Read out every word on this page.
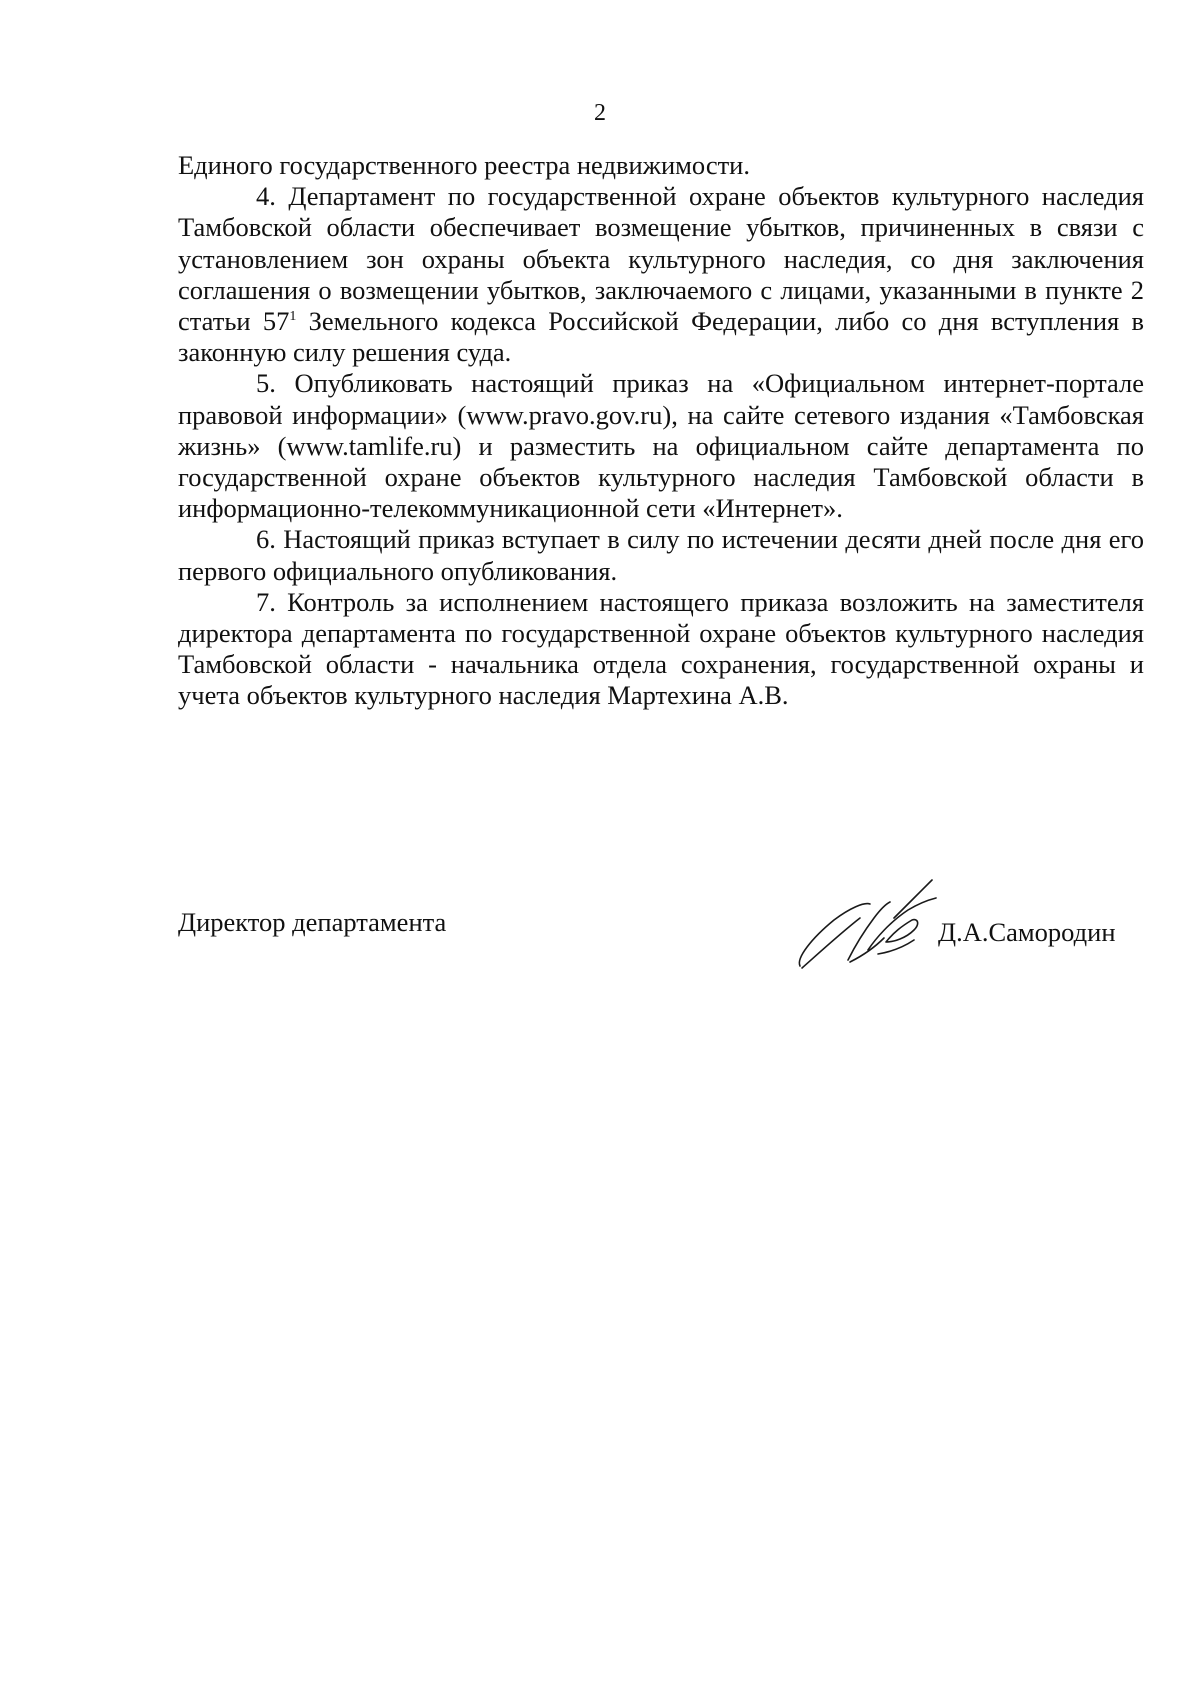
2

Единого государственного реестра недвижимости.

4. Департамент по государственной охране объектов культурного наследия Тамбовской области обеспечивает возмещение убытков, причиненных в связи с установлением зон охраны объекта культурного наследия, со дня заключения соглашения о возмещении убытков, заключаемого с лицами, указанными в пункте 2 статьи $57^1$ Земельного кодекса Российской Федерации, либо со дня вступления в законную силу решения суда.

5. Опубликовать настоящий приказ на «Официальном интернет-портале правовой информации» (www.pravo.gov.ru), на сайте сетевого издания «Тамбовская жизнь» (www.tamlife.ru) и разместить на официальном сайте департамента по государственной охране объектов культурного наследия Тамбовской области в информационно-телекоммуникационной сети «Интернет».

6. Настоящий приказ вступает в силу по истечении десяти дней после дня его первого официального опубликования.

7. Контроль за исполнением настоящего приказа возложить на заместителя директора департамента по государственной охране объектов культурного наследия Тамбовской области - начальника отдела сохранения, государственной охраны и учета объектов культурного наследия Мартехина А.В.

Директор департамента	Д.А.Самородин
